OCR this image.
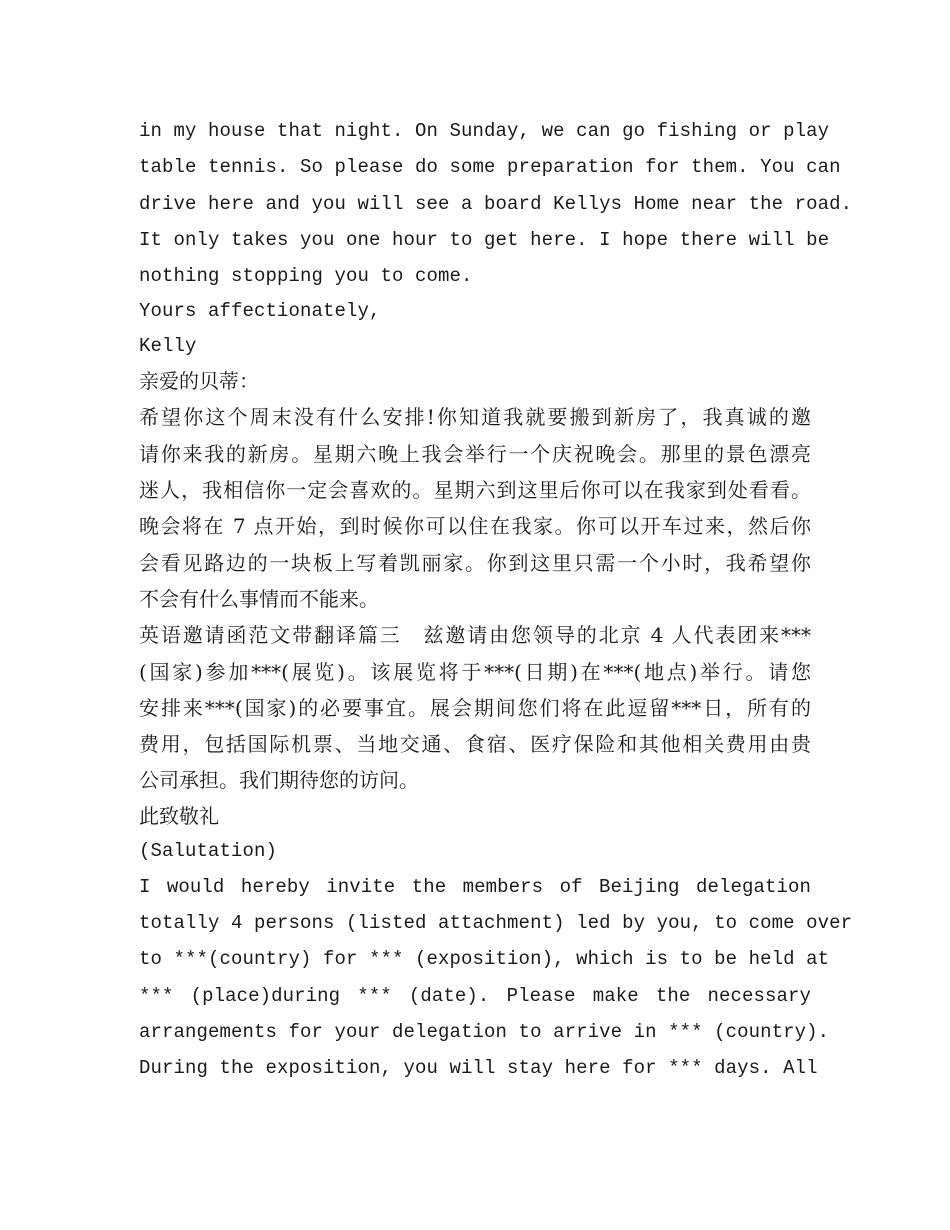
in my house that night. On Sunday, we can go fishing or play
table tennis. So please do some preparation for them. You can
drive here and you will see a board Kellys Home near the road.
It only takes you one hour to get here. I hope there will be
nothing stopping you to come.
Yours affectionately,
Kelly
亲爱的贝蒂：
希望你这个周末没有什么安排!你知道我就要搬到新房了，我真诚的邀
请你来我的新房。星期六晚上我会举行一个庆祝晚会。那里的景色漂亮
迷人，我相信你一定会喜欢的。星期六到这里后你可以在我家到处看看。
晚会将在 7 点开始，到时候你可以住在我家。你可以开车过来，然后你
会看见路边的一块板上写着凯丽家。你到这里只需一个小时，我希望你
不会有什么事情而不能来。
英语邀请函范文带翻译篇三　兹邀请由您领导的北京 4 人代表团来***
(国家)参加***(展览)。该展览将于***(日期)在***(地点)举行。请您
安排来***(国家)的必要事宜。展会期间您们将在此逗留***日，所有的
费用，包括国际机票、当地交通、食宿、医疗保险和其他相关费用由贵
公司承担。我们期待您的访问。
此致敬礼
(Salutation)
I would hereby invite the members of Beijing delegation
totally 4 persons (listed attachment) led by you, to come over
to ***(country) for *** (exposition), which is to be held at
*** (place)during *** (date). Please make the necessary
arrangements for your delegation to arrive in *** (country).
During the exposition, you will stay here for *** days. All
